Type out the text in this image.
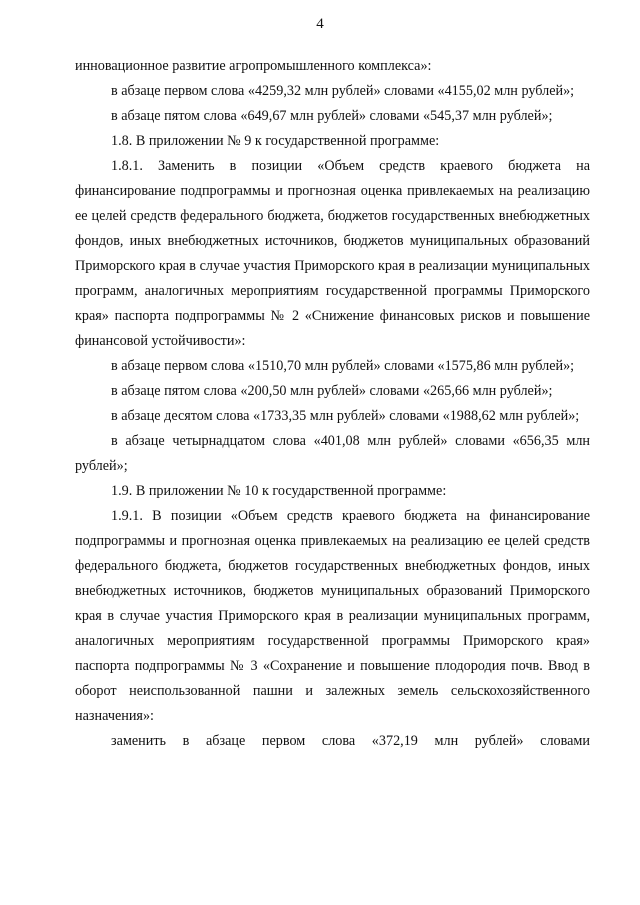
4

инновационное развитие агропромышленного комплекса»:

в абзаце первом слова «4259,32 млн рублей» словами «4155,02 млн рублей»;

в абзаце пятом слова «649,67 млн рублей» словами «545,37 млн рублей»;

1.8. В приложении № 9 к государственной программе:

1.8.1. Заменить в позиции «Объем средств краевого бюджета на финансирование подпрограммы и прогнозная оценка привлекаемых на реализацию ее целей средств федерального бюджета, бюджетов государственных внебюджетных фондов, иных внебюджетных источников, бюджетов муниципальных образований Приморского края в случае участия Приморского края в реализации муниципальных программ, аналогичных мероприятиям государственной программы Приморского края» паспорта подпрограммы № 2 «Снижение финансовых рисков и повышение финансовой устойчивости»:

в абзаце первом слова «1510,70 млн рублей» словами «1575,86 млн рублей»;

в абзаце пятом слова «200,50 млн рублей» словами «265,66 млн рублей»;

в абзаце десятом слова «1733,35 млн рублей» словами «1988,62 млн рублей»;

в абзаце четырнадцатом слова «401,08 млн рублей» словами «656,35 млн рублей»;

1.9. В приложении № 10 к государственной программе:

1.9.1. В позиции «Объем средств краевого бюджета на финансирование подпрограммы и прогнозная оценка привлекаемых на реализацию ее целей средств федерального бюджета, бюджетов государственных внебюджетных фондов, иных внебюджетных источников, бюджетов муниципальных образований Приморского края в случае участия Приморского края в реализации муниципальных программ, аналогичных мероприятиям государственной программы Приморского края» паспорта подпрограммы № 3 «Сохранение и повышение плодородия почв. Ввод в оборот неиспользованной пашни и залежных земель сельскохозяйственного назначения»:

заменить в абзаце первом слова «372,19 млн рублей» словами
